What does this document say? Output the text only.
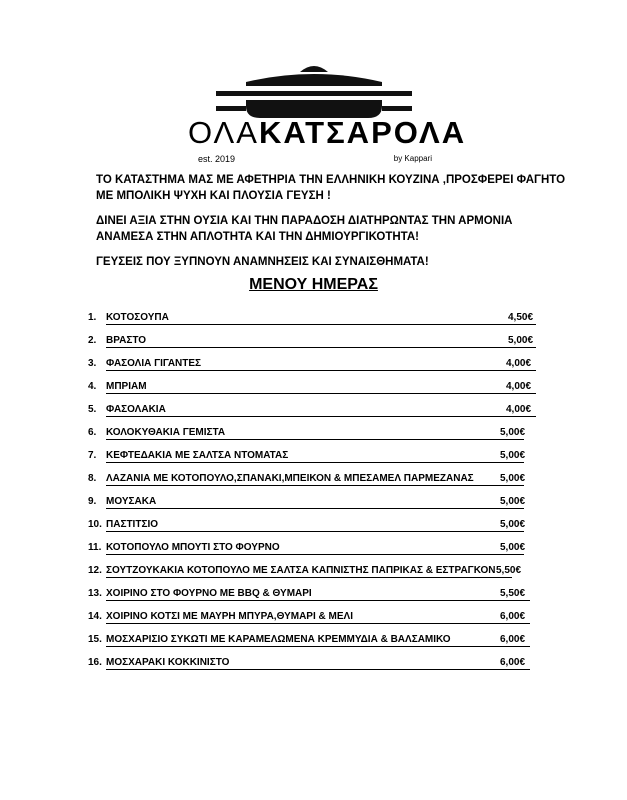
ΟΛΑΚΑΤΣΑΡΟΛΑ
est. 2019	by Kappari

ΤΟ ΚΑΤΑΣΤΗΜΑ ΜΑΣ ΜΕ ΑΦΕΤΗΡΙΑ ΤΗΝ ΕΛΛΗΝΙΚΗ ΚΟΥΖΙΝΑ ,ΠΡΟΣΦΕΡΕΙ ΦΑΓΗΤΟ ΜΕ ΜΠΟΛΙΚΗ ΨΥΧΗ ΚΑΙ ΠΛΟΥΣΙΑ ΓΕΥΣΗ !

ΔΙΝΕΙ ΑΞΙΑ ΣΤΗΝ ΟΥΣΙΑ ΚΑΙ ΤΗΝ ΠΑΡΑΔΟΣΗ ΔΙΑΤΗΡΩΝΤΑΣ ΤΗΝ ΑΡΜΟΝΙΑ ΑΝΑΜΕΣΑ ΣΤΗΝ ΑΠΛΟΤΗΤΑ ΚΑΙ ΤΗΝ ΔΗΜΙΟΥΡΓΙΚΟΤΗΤΑ!

ΓΕΥΣΕΙΣ ΠΟΥ ΞΥΠΝΟΥΝ ΑΝΑΜΝΗΣΕΙΣ ΚΑΙ ΣΥΝΑΙΣΘΗΜΑΤΑ!

ΜΕΝΟΥ ΗΜΕΡΑΣ
1. ΚΟΤΟΣΟΥΠΑ	4,50€
2. ΒΡΑΣΤΟ	5,00€
3. ΦΑΣΟΛΙΑ ΓΙΓΑΝΤΕΣ	4,00€
4. ΜΠΡΙΑΜ	4,00€
5. ΦΑΣΟΛΑΚΙΑ	4,00€
6. ΚΟΛΟΚΥΘΑΚΙΑ ΓΕΜΙΣΤΑ	5,00€
7. ΚΕΦΤΕΔΑΚΙΑ ΜΕ ΣΑΛΤΣΑ ΝΤΟΜΑΤΑΣ	5,00€
8. ΛΑΖΑΝΙΑ ΜΕ ΚΟΤΟΠΟΥΛΟ,ΣΠΑΝΑΚΙ,ΜΠΕΙΚΟΝ & ΜΠΕΣΑΜΕΛ ΠΑΡΜΕΖΑΝΑΣ	5,00€
9. ΜΟΥΣΑΚΑ	5,00€
10. ΠΑΣΤΙΤΣΙΟ	5,00€
11. ΚΟΤΟΠΟΥΛΟ ΜΠΟΥΤΙ ΣΤΟ ΦΟΥΡΝΟ	5,00€
12. ΣΟΥΤΖΟΥΚΑΚΙΑ ΚΟΤΟΠΟΥΛΟ ΜΕ ΣΑΛΤΣΑ ΚΑΠΝΙΣΤΗΣ ΠΑΠΡΙΚΑΣ & ΕΣΤΡΑΓΚΟΝ 5,50€
13. ΧΟΙΡΙΝΟ ΣΤΟ ΦΟΥΡΝΟ ΜΕ BBQ & ΘΥΜΑΡΙ	5,50€
14. ΧΟΙΡΙΝΟ ΚΟΤΣΙ ΜΕ ΜΑΥΡΗ ΜΠΥΡΑ,ΘΥΜΑΡΙ & ΜΕΛΙ	6,00€
15. ΜΟΣΧΑΡΙΣΙΟ ΣΥΚΩΤΙ ΜΕ ΚΑΡΑΜΕΛΩΜΕΝΑ ΚΡΕΜΜΥΔΙΑ & ΒΑΛΣΑΜΙΚΟ	6,00€
16. ΜΟΣΧΑΡΑΚΙ ΚΟΚΚΙΝΙΣΤΟ	6,00€
